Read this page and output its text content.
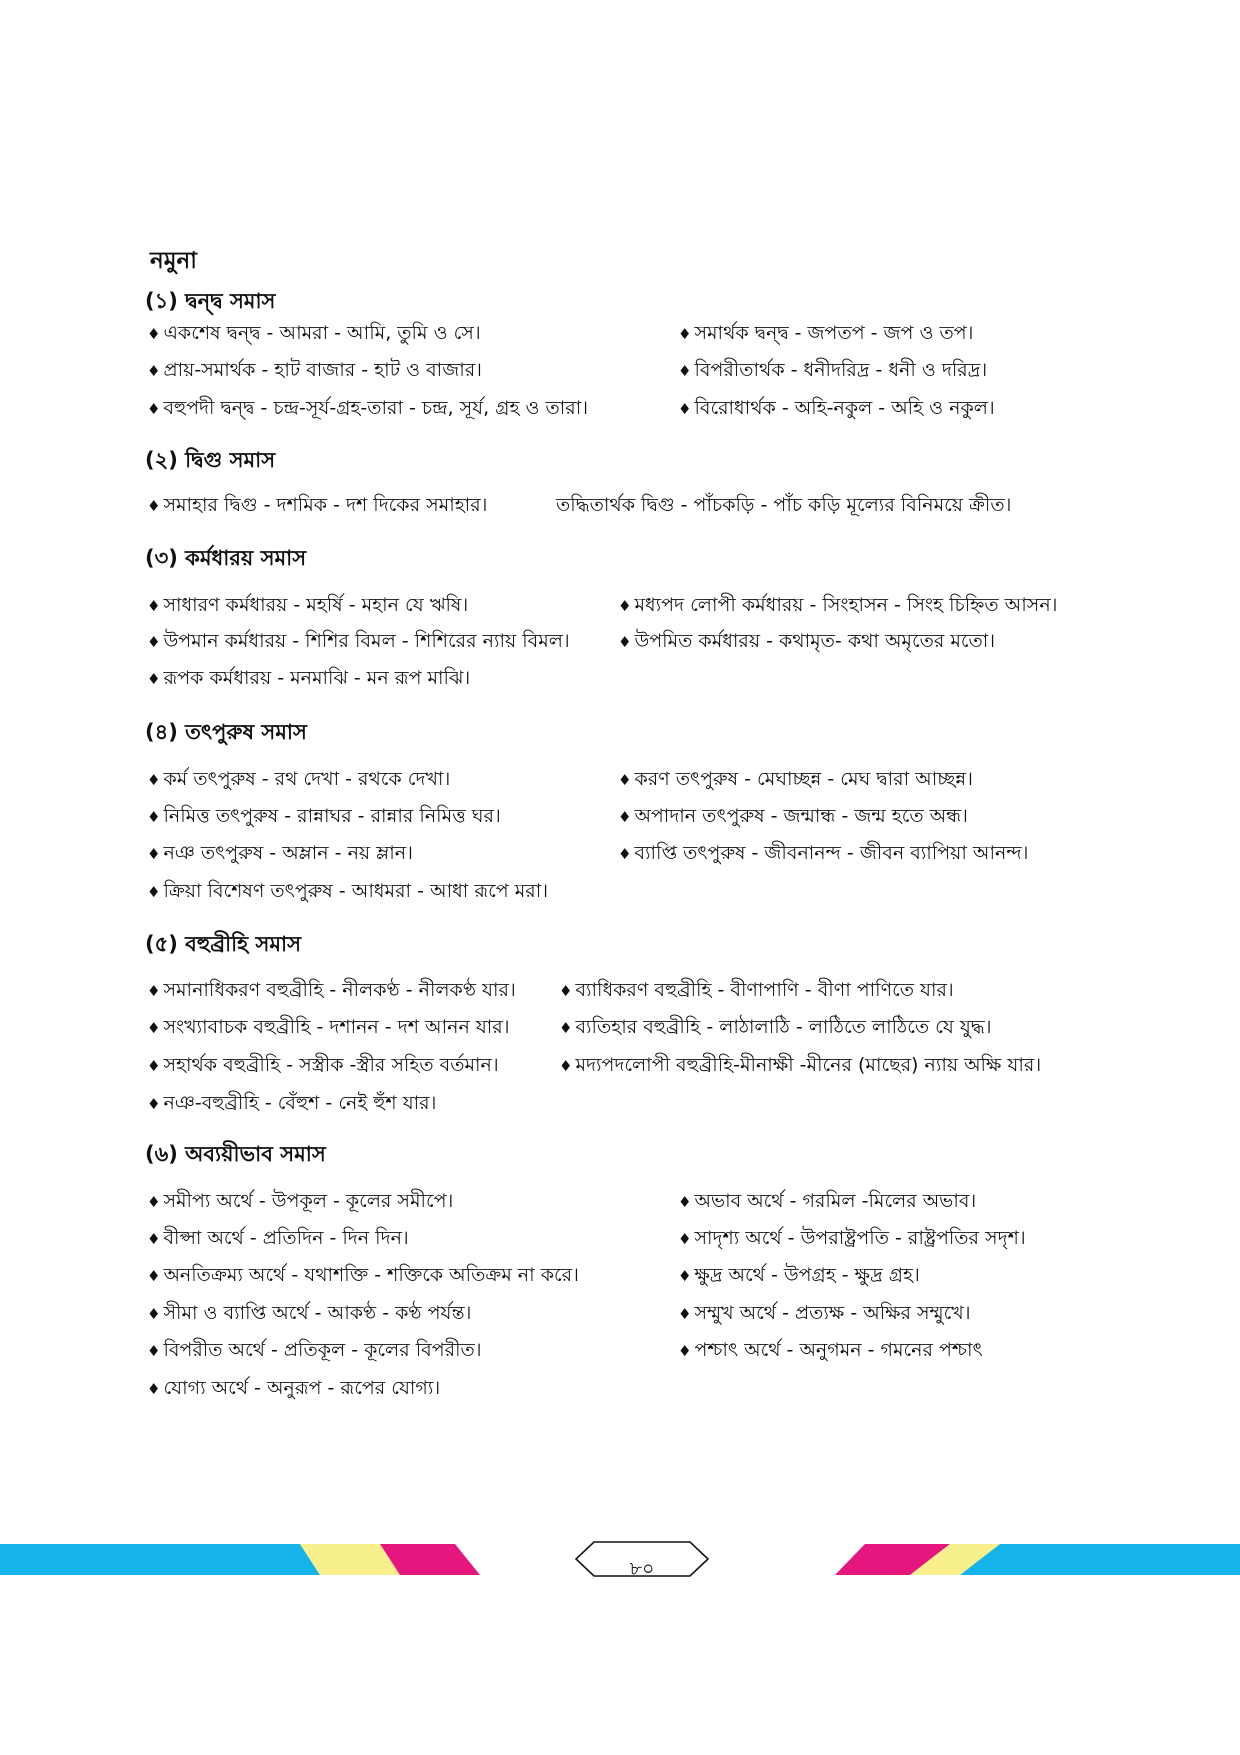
নমুনা
(১) দ্বন্দ্ব সমাস
♦ একশেষ দ্বন্দ্ব - আমরা - আমি, তুমি ও সে।
♦ প্রায়-সমার্থক - হাট বাজার - হাট ও বাজার।
♦ বহুপদী দ্বন্দ্ব - চন্দ্র-সূর্য-গ্রহ-তারা - চন্দ্র, সূর্য, গ্রহ ও তারা।
♦ সমার্থক দ্বন্দ্ব - জপতপ - জপ ও তপ।
♦ বিপরীতার্থক - ধনীদরিদ্র - ধনী ও দরিদ্র।
♦ বিরোধার্থক - অহি-নকুল - অহি ও নকুল।
(২) দ্বিগু সমাস
♦ সমাহার দ্বিগু - দশমিক - দশ দিকের সমাহার।	তদ্ধিতার্থক দ্বিগু - পাঁচকড়ি - পাঁচ কড়ি মূল্যের বিনিময়ে ক্রীত।
(৩) কর্মধারয় সমাস
♦ সাধারণ কর্মধারয় - মহর্ষি - মহান যে ঋষি।
♦ উপমান কর্মধারয় - শিশির বিমল - শিশিরের ন্যায় বিমল।
♦ রূপক কর্মধারয় - মনমাঝি - মন রূপ মাঝি।
♦ মধ্যপদ লোপী কর্মধারয় - সিংহাসন - সিংহ চিহ্নিত আসন।
♦ উপমিত কর্মধারয় - কথামৃত- কথা অমৃতের মতো।
(৪) তৎপুরুষ সমাস
♦ কর্ম তৎপুরুষ - রথ দেখা - রথকে দেখা।
♦ নিমিত্ত তৎপুরুষ - রান্নাঘর - রান্নার নিমিত্ত ঘর।
♦ নঞ তৎপুরুষ - অম্লান - নয় ম্লান।
♦ ক্রিয়া বিশেষণ তৎপুরুষ - আধমরা - আধা রূপে মরা।
♦ করণ তৎপুরুষ - মেঘাচ্ছন্ন - মেঘ দ্বারা আচ্ছন্ন।
♦ অপাদান তৎপুরুষ - জন্মান্ধ - জন্ম হতে অন্ধ।
♦ ব্যাপ্তি তৎপুরুষ - জীবনানন্দ - জীবন ব্যাপিয়া আনন্দ।
(৫) বহুব্রীহি সমাস
♦ সমানাধিকরণ বহুব্রীহি - নীলকণ্ঠ - নীলকণ্ঠ যার।
♦ সংখ্যাবাচক বহুব্রীহি - দশানন - দশ আনন যার।
♦ সহার্থক বহুব্রীহি - সস্ত্রীক -স্ত্রীর সহিত বর্তমান।
♦ নঞ-বহুব্রীহি - বেঁহুশ - নেই হুঁশ যার।
♦ ব্যাধিকরণ বহুব্রীহি - বীণাপাণি - বীণা পাণিতে যার।
♦ ব্যতিহার বহুব্রীহি - লাঠালাঠি - লাঠিতে লাঠিতে যে যুদ্ধ।
♦ মদ্যপদলোপী বহুব্রীহি-মীনাক্ষী -মীনের (মাছের) ন্যায় অক্ষি যার।
(৬) অব্যয়ীভাব সমাস
♦ সমীপ্য অর্থে - উপকূল - কূলের সমীপে।
♦ বীপ্সা অর্থে - প্রতিদিন - দিন দিন।
♦ অনতিক্রম্য অর্থে - যথাশক্তি - শক্তিকে অতিক্রম না করে।
♦ সীমা ও ব্যাপ্তি অর্থে - আকণ্ঠ - কণ্ঠ পর্যন্ত।
♦ বিপরীত অর্থে - প্রতিকূল - কূলের বিপরীত।
♦ যোগ্য অর্থে - অনুরূপ - রূপের যোগ্য।
♦ অভাব অর্থে - গরমিল -মিলের অভাব।
♦ সাদৃশ্য অর্থে - উপরাষ্ট্রপতি - রাষ্ট্রপতির সদৃশ।
♦ ক্ষুদ্র অর্থে - উপগ্রহ - ক্ষুদ্র গ্রহ।
♦ সম্মুখ অর্থে - প্রত্যক্ষ - অক্ষির সম্মুখে।
♦ পশ্চাৎ অর্থে - অনুগমন - গমনের পশ্চাৎ
৮০
